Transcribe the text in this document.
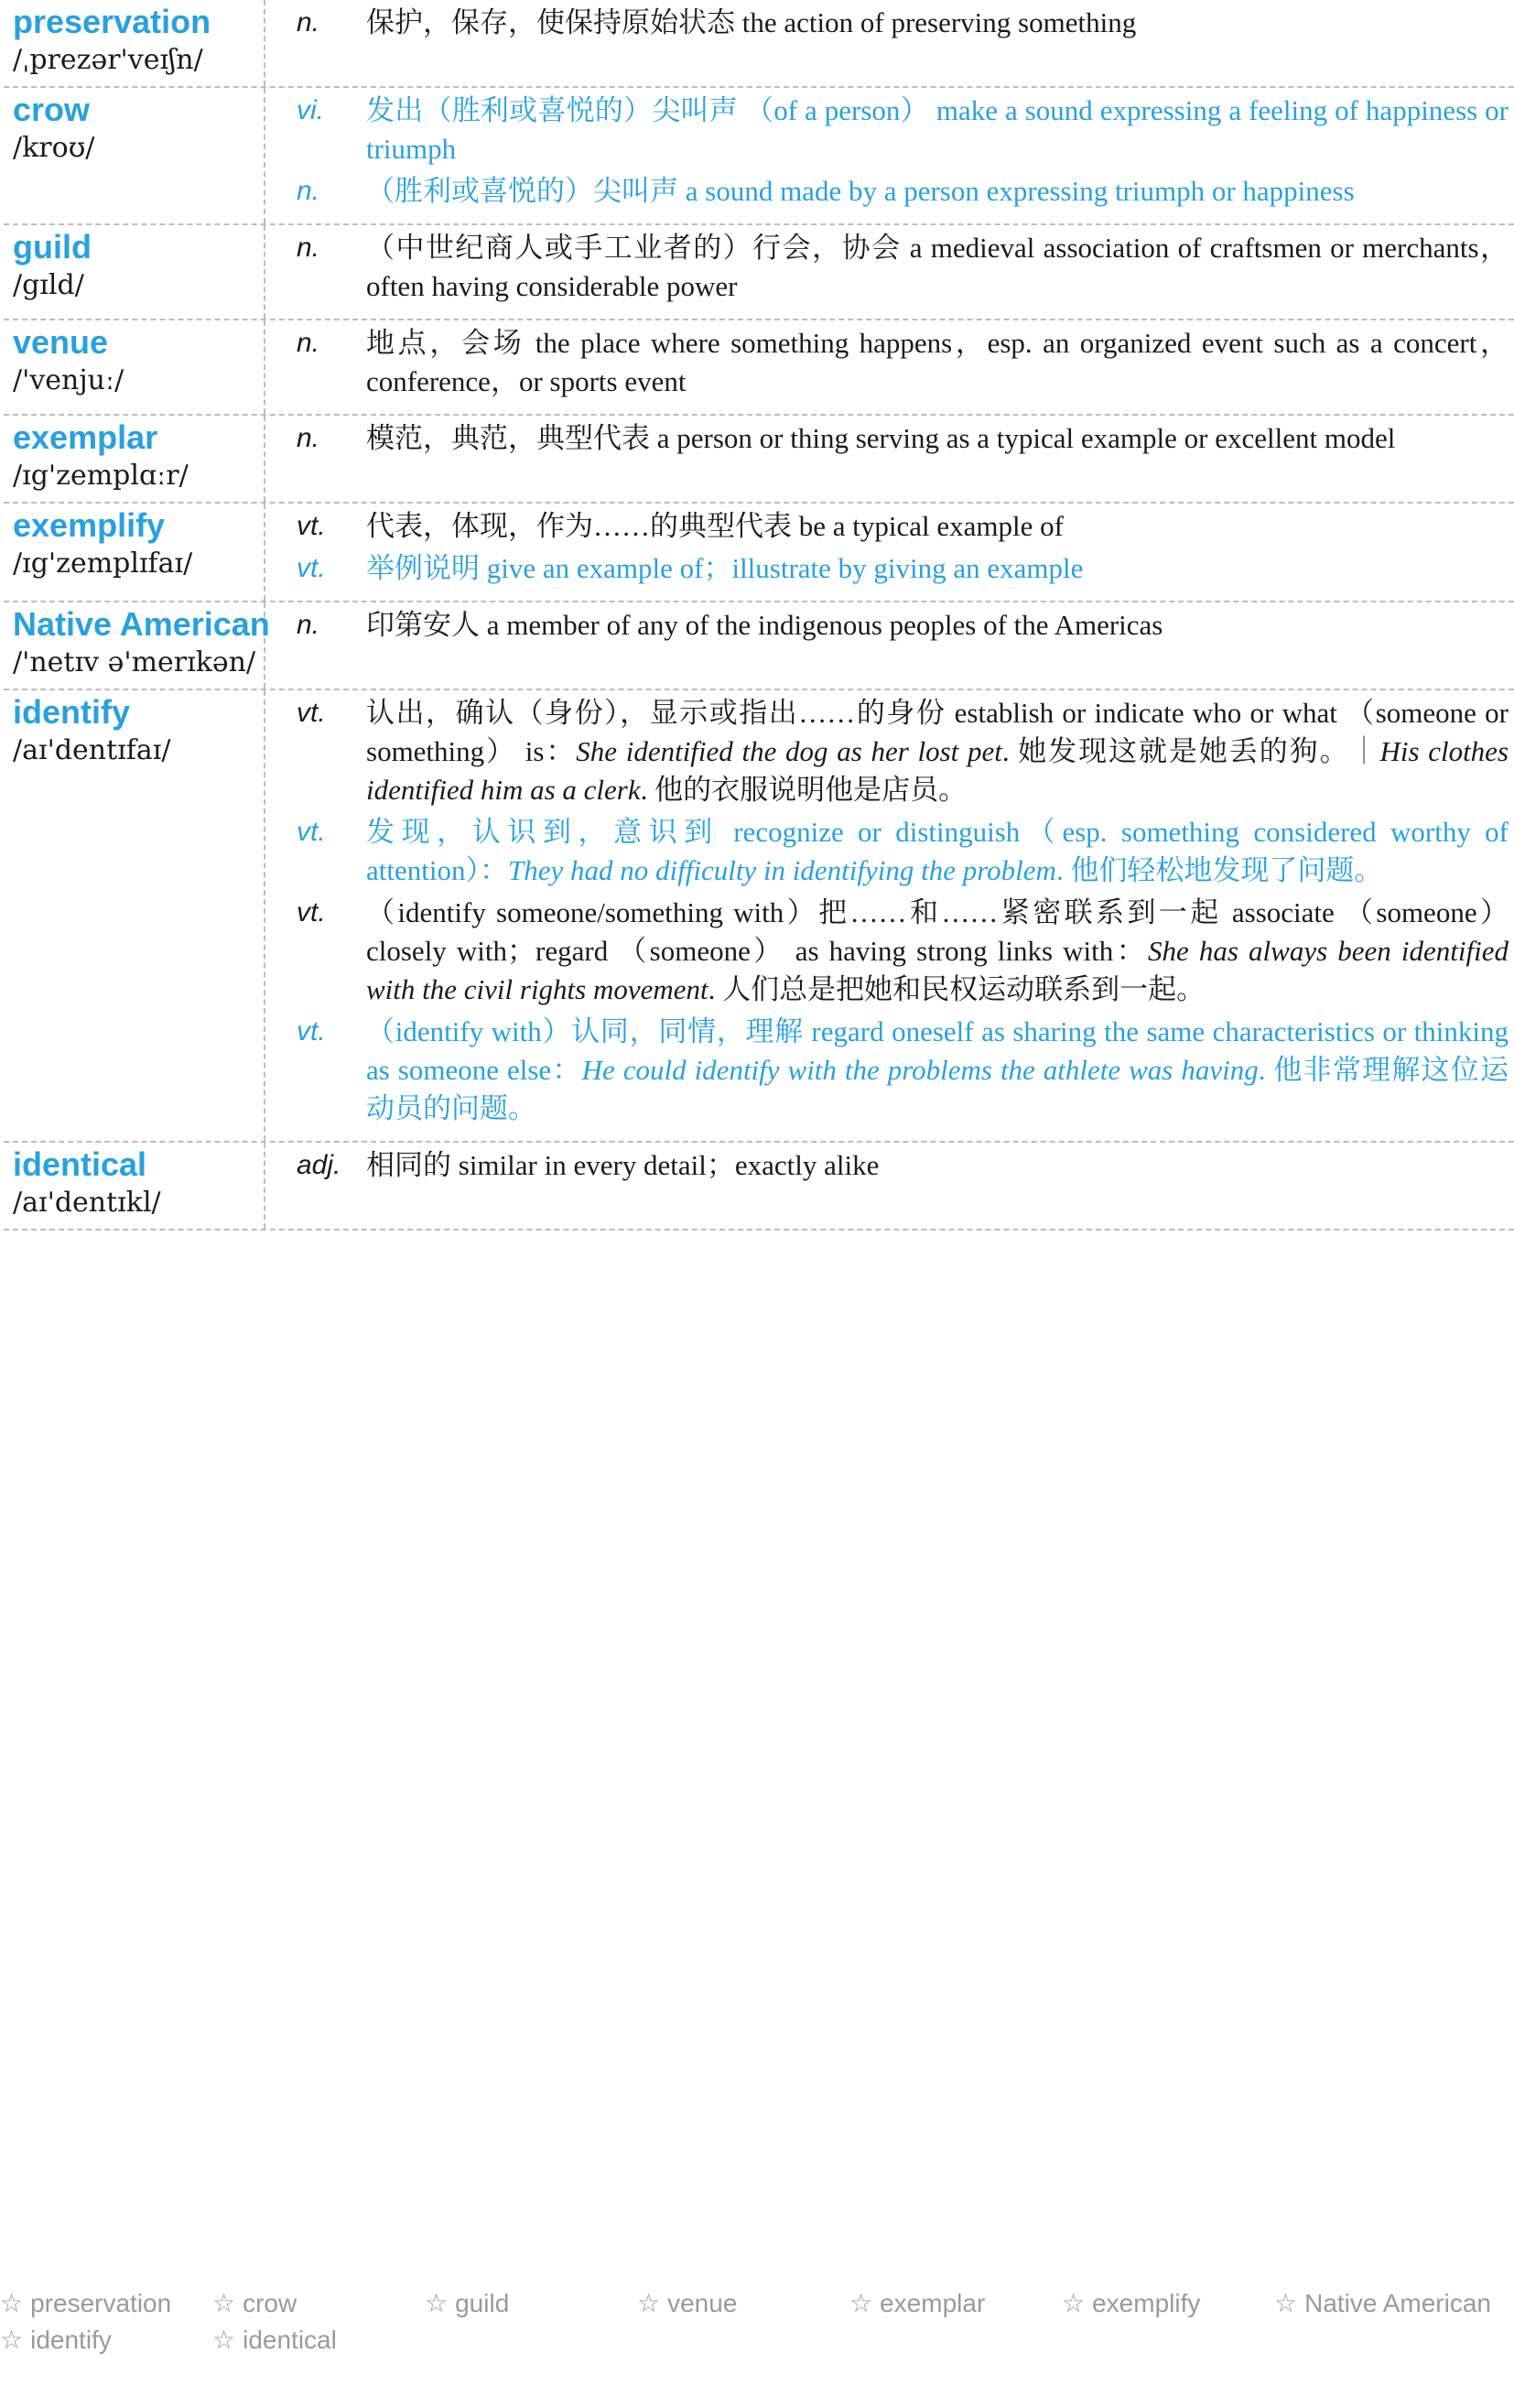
preservation
/ˌprezər'veɪʃn/
n.	保护，保存，使保持原始状态 the action of preserving something
crow
/kroʊ/
vi.	发出（胜利或喜悦的）尖叫声 （of a person） make a sound expressing a feeling of happiness or triumph
n.	（胜利或喜悦的）尖叫声 a sound made by a person expressing triumph or happiness
guild
/gɪld/
n.	（中世纪商人或手工业者的）行会，协会 a medieval association of craftsmen or merchants，often having considerable power
venue
/'venjuː/
n.	地点，会场 the place where something happens，esp. an organized event such as a concert，conference，or sports event
exemplar
/ɪg'zemplɑːr/
n.	模范，典范，典型代表 a person or thing serving as a typical example or excellent model
exemplify
/ɪg'zemplɪfaɪ/
vt.	代表，体现，作为……的典型代表 be a typical example of
vt.	举例说明 give an example of；illustrate by giving an example
Native American
/'netɪv ə'merɪkən/
n.	印第安人 a member of any of the indigenous peoples of the Americas
identify
/aɪ'dentɪfaɪ/
vt.	认出，确认（身份），显示或指出……的身份 establish or indicate who or what （someone or something） is：She identified the dog as her lost pet. 她发现这就是她丢的狗。｜His clothes identified him as a clerk. 他的衣服说明他是店员。
vt.	发现，认识到，意识到 recognize or distinguish（esp. something considered worthy of attention）：They had no difficulty in identifying the problem. 他们轻松地发现了问题。
vt.	（identify someone/something with）把……和……紧密联系到一起 associate （someone） closely with；regard （someone） as having strong links with：She has always been identified with the civil rights movement. 人们总是把她和民权运动联系到一起。
vt.	（identify with）认同，同情，理解 regard oneself as sharing the same characteristics or thinking as someone else：He could identify with the problems the athlete was having. 他非常理解这位运动员的问题。
identical
/aɪ'dentɪkl/
adj. 相同的 similar in every detail；exactly alike
☆ preservation	☆ crow	☆ guild	☆ venue	☆ exemplar	☆ exemplify	☆ Native American
☆ identify	☆ identical
